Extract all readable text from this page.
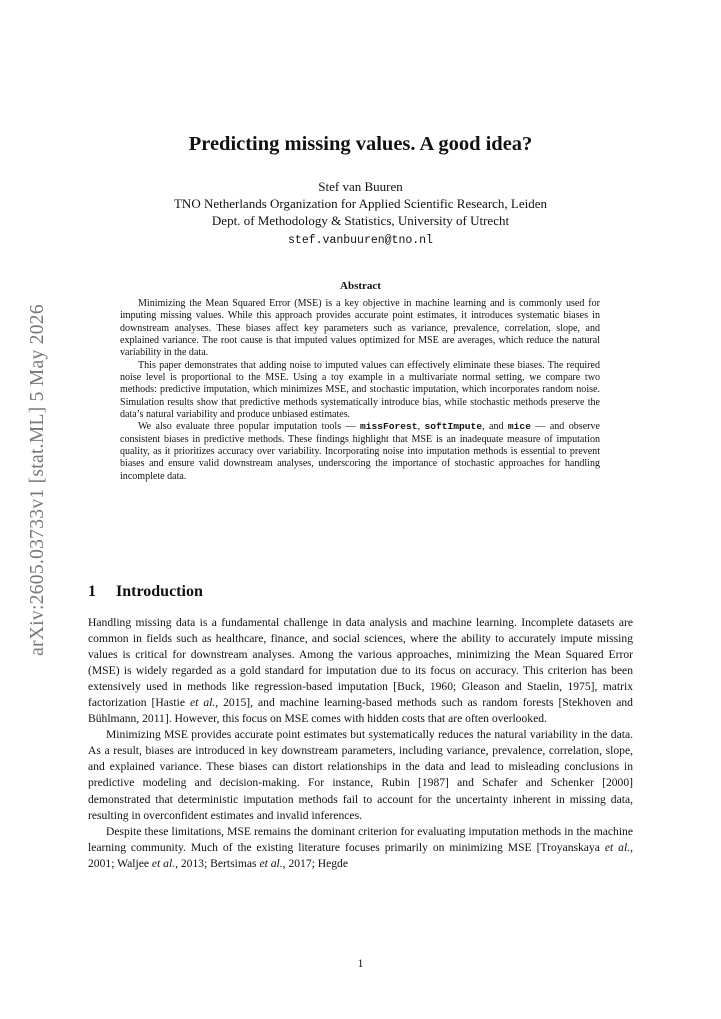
arXiv:2605.03733v1 [stat.ML] 5 May 2026
Predicting missing values. A good idea?
Stef van Buuren
TNO Netherlands Organization for Applied Scientific Research, Leiden
Dept. of Methodology & Statistics, University of Utrecht
stef.vanbuuren@tno.nl
Abstract

Minimizing the Mean Squared Error (MSE) is a key objective in machine learning and is commonly used for imputing missing values. While this approach provides accurate point estimates, it introduces systematic biases in downstream analyses. These biases affect key parameters such as variance, prevalence, correlation, slope, and explained variance. The root cause is that imputed values optimized for MSE are averages, which reduce the natural variability in the data.

This paper demonstrates that adding noise to imputed values can effectively eliminate these biases. The required noise level is proportional to the MSE. Using a toy example in a multivariate normal setting, we compare two methods: predictive imputation, which minimizes MSE, and stochastic imputation, which incorporates random noise. Simulation results show that predictive methods systematically introduce bias, while stochastic methods preserve the data’s natural variability and produce unbiased estimates.

We also evaluate three popular imputation tools — missForest, softImpute, and mice — and observe consistent biases in predictive methods. These findings highlight that MSE is an inadequate measure of imputation quality, as it prioritizes accuracy over variability. Incorporating noise into imputation methods is essential to prevent biases and ensure valid downstream analyses, underscoring the importance of stochastic approaches for handling incomplete data.

1 Introduction

Handling missing data is a fundamental challenge in data analysis and machine learning. Incomplete datasets are common in fields such as healthcare, finance, and social sciences, where the ability to accurately impute missing values is critical for downstream analyses. Among the various approaches, minimizing the Mean Squared Error (MSE) is widely regarded as a gold standard for imputation due to its focus on accuracy. This criterion has been extensively used in methods like regression-based imputation [Buck, 1960; Gleason and Staelin, 1975], matrix factorization [Hastie et al., 2015], and machine learning-based methods such as random forests [Stekhoven and Bühlmann, 2011]. However, this focus on MSE comes with hidden costs that are often overlooked.

Minimizing MSE provides accurate point estimates but systematically reduces the natural variability in the data. As a result, biases are introduced in key downstream parameters, including variance, prevalence, correlation, slope, and explained variance. These biases can distort relationships in the data and lead to misleading conclusions in predictive modeling and decision-making. For instance, Rubin [1987] and Schafer and Schenker [2000] demonstrated that deterministic imputation methods fail to account for the uncertainty inherent in missing data, resulting in overconfident estimates and invalid inferences.

Despite these limitations, MSE remains the dominant criterion for evaluating imputation methods in the machine learning community. Much of the existing literature focuses primarily on minimizing MSE [Troyanskaya et al., 2001; Waljee et al., 2013; Bertsimas et al., 2017; Hegde

1
